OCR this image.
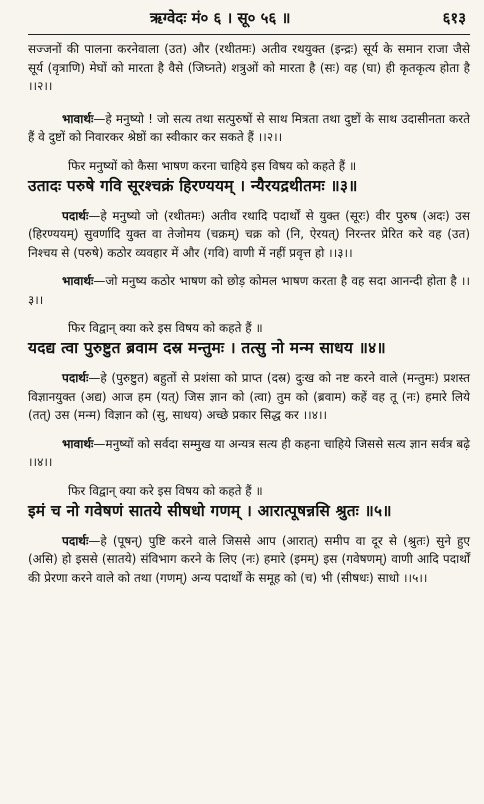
ऋग्वेदः मं० ६ । सू० ५६ ॥	६१३

सज्जनों की पालना करनेवाला (उत) और (रथीतमः) अतीव रथयुक्त (इन्द्रः) सूर्य के समान राजा जैसे सूर्य (वृत्राणि) मेघों को मारता है वैसे (जिघ्नते) शत्रुओं को मारता है (सः) वह (घा) ही कृतकृत्य होता है ।।२।।

भावार्थः—हे मनुष्यो ! जो सत्य तथा सत्पुरुषों से साथ मित्रता तथा दुष्टों के साथ उदासीनता करते हैं वे दुष्टों को निवारकर श्रेष्ठों का स्वीकार कर सकते हैं ।।२।।

फिर मनुष्यों को कैसा भाषण करना चाहिये इस विषय को कहते हैं ॥

उतादः परुषे गवि सूरश्चक्रं हिरण्ययम् । न्यैरयद्रथीतमः ॥३॥

पदार्थः—हे मनुष्यो जो (रथीतमः) अतीव रथादि पदार्थों से युक्त (सूरः) वीर पुरुष (अदः) उस (हिरण्ययम्) सुवर्णादि युक्त वा तेजोमय (चक्रम्) चक्र को (नि, ऐरयत्) निरन्तर प्रेरित करे वह (उत) निश्चय से (परुषे) कठोर व्यवहार में और (गवि) वाणी में नहीं प्रवृत्त हो ।।३।।

भावार्थः—जो मनुष्य कठोर भाषण को छोड़ कोमल भाषण करता है वह सदा आनन्दी होता है ।।३।।

फिर विद्वान् क्या करे इस विषय को कहते हैं ॥

यदद्य त्वा पुरुष्टुत ब्रवाम दस्र मन्तुमः । तत्सु नो मन्म साधय ॥४॥

पदार्थः—हे (पुरुष्टुत) बहुतों से प्रशंसा को प्राप्त (दस्र) दुःख को नष्ट करने वाले (मन्तुमः) प्रशस्त विज्ञानयुक्त (अद्य) आज हम (यत्) जिस ज्ञान को (त्वा) तुम को (ब्रवाम) कहें वह तू (नः) हमारे लिये (तत्) उस (मन्म) विज्ञान को (सु, साधय) अच्छे प्रकार सिद्ध कर ।।४।।

भावार्थः—मनुष्यों को सर्वदा सम्मुख या अन्यत्र सत्य ही कहना चाहिये जिससे सत्य ज्ञान सर्वत्र बढ़े ।।४।।

फिर विद्वान् क्या करे इस विषय को कहते हैं ॥

इमं च नो गवेषणं सातये सीषधो गणम् । आरात्पूषन्नसि श्रुतः ॥५॥

पदार्थः—हे (पूषन्) पुष्टि करने वाले जिससे आप (आरात्) समीप वा दूर से (श्रुतः) सुने हुए (असि) हो इससे (सातये) संविभाग करने के लिए (नः) हमारे (इमम्) इस (गवेषणम्) वाणी आदि पदार्थों की प्रेरणा करने वाले को तथा (गणम्) अन्य पदार्थों के समूह को (च) भी (सीषधः) साधो ।।५।।
